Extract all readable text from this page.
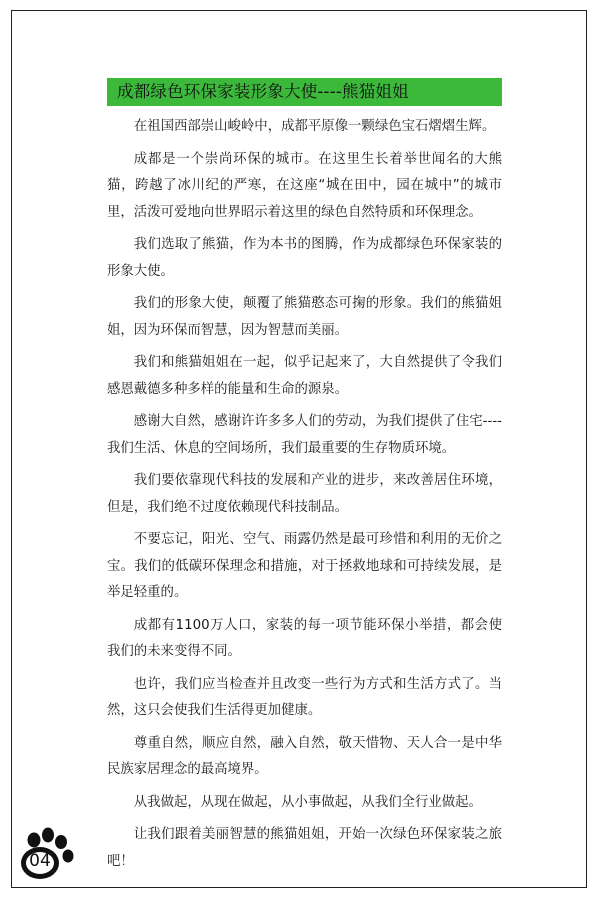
成都绿色环保家装形象大使----熊猫姐姐

在祖国西部崇山峻岭中，成都平原像一颗绿色宝石熠熠生辉。

成都是一个崇尚环保的城市。在这里生长着举世闻名的大熊猫，跨越了冰川纪的严寒，在这座“城在田中，园在城中”的城市里，活泼可爱地向世界昭示着这里的绿色自然特质和环保理念。

我们选取了熊猫，作为本书的图腾，作为成都绿色环保家装的形象大使。

我们的形象大使，颠覆了熊猫憨态可掬的形象。我们的熊猫姐姐，因为环保而智慧，因为智慧而美丽。

我们和熊猫姐姐在一起，似乎记起来了，大自然提供了令我们感恩戴德多种多样的能量和生命的源泉。

感谢大自然，感谢许许多多人们的劳动，为我们提供了住宅----我们生活、休息的空间场所，我们最重要的生存物质环境。

我们要依靠现代科技的发展和产业的进步，来改善居住环境，但是，我们绝不过度依赖现代科技制品。

不要忘记，阳光、空气、雨露仍然是最可珍惜和利用的无价之宝。我们的低碳环保理念和措施，对于拯救地球和可持续发展，是举足轻重的。

成都有1100万人口，家装的每一项节能环保小举措，都会使我们的未来变得不同。

也许，我们应当检查并且改变一些行为方式和生活方式了。当然，这只会使我们生活得更加健康。

尊重自然，顺应自然，融入自然，敬天惜物、天人合一是中华民族家居理念的最高境界。

从我做起，从现在做起，从小事做起，从我们全行业做起。

让我们跟着美丽智慧的熊猫姐姐，开始一次绿色环保家装之旅吧！

04
